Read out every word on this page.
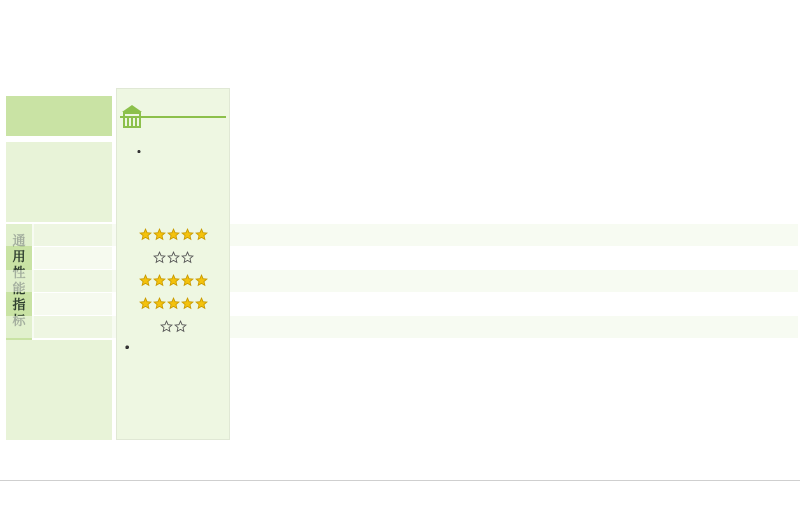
用
指
